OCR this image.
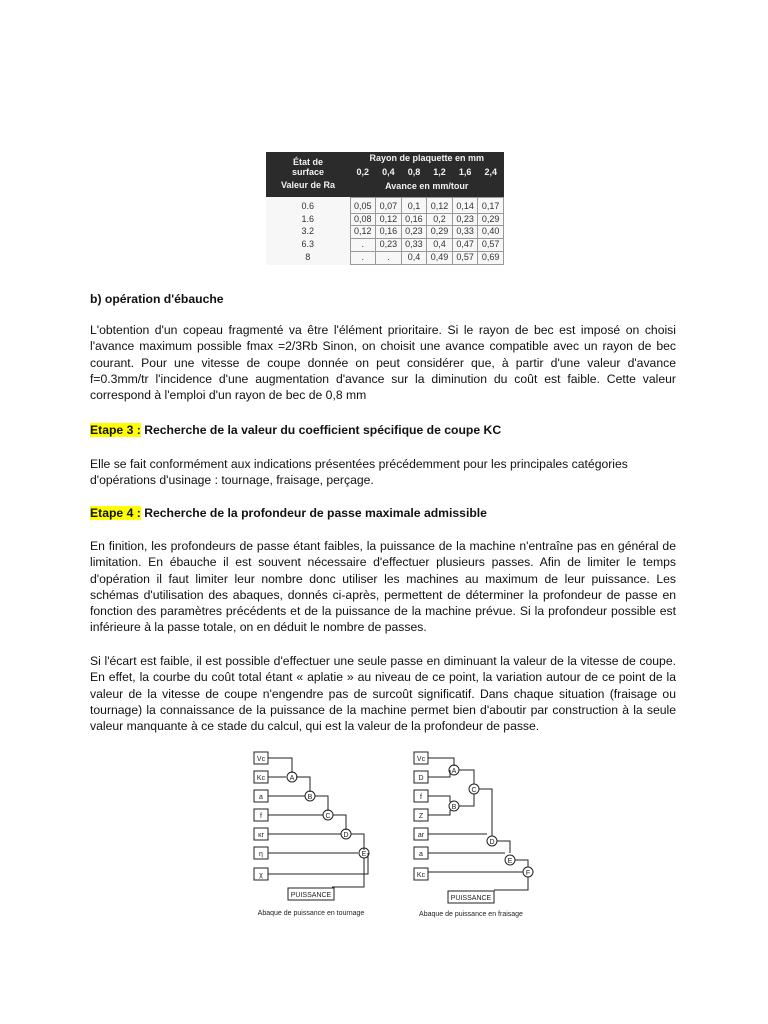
État de
surface
Valeur de Ra	Rayon de plaquette en mm					
	0,2	0,4	0,8	1,2	1,6	2,4
	Avance en mm/tour					
0.6	0,05	0,07	0,1	0,12	0,14	0,17
1.6	0,08	0,12	0,16	0,2	0,23	0,29
3.2	0,12	0,16	0,23	0,29	0,33	0,40
6.3	.	0,23	0,33	0,4	0,47	0,57
8	.	.	0,4	0,49	0,57	0,69
b) opération d'ébauche
L'obtention d'un copeau fragmenté va être l'élément prioritaire. Si le rayon de bec est imposé on choisi l'avance maximum possible fmax =2/3Rb Sinon, on choisit une avance compatible avec un rayon de bec courant. Pour une vitesse de coupe donnée on peut considérer que, à partir d'une valeur d'avance f=0.3mm/tr l'incidence d'une augmentation d'avance sur la diminution du coût est faible. Cette valeur correspond à l'emploi d'un rayon de bec de 0,8 mm
Etape 3 : Recherche de la valeur du coefficient spécifique de coupe KC
Elle se fait conformément aux indications présentées précédemment pour les principales catégories d'opérations d'usinage : tournage, fraisage, perçage.
Etape 4 : Recherche de la profondeur de passe maximale admissible
En finition, les profondeurs de passe étant faibles, la puissance de la machine n'entraîne pas en général de limitation. En ébauche il est souvent nécessaire d'effectuer plusieurs passes. Afin de limiter le temps d'opération il faut limiter leur nombre donc utiliser les machines au maximum de leur puissance. Les schémas d'utilisation des abaques, donnés ci-après, permettent de déterminer la profondeur de passe en fonction des paramètres précédents et de la puissance de la machine prévue. Si la profondeur possible est inférieure à la passe totale, on en déduit le nombre de passes.
Si l'écart est faible, il est possible d'effectuer une seule passe en diminuant la valeur de la vitesse de coupe. En effet, la courbe du coût total étant « aplatie » au niveau de ce point, la variation autour de ce point de la valeur de la vitesse de coupe n'engendre pas de surcoût significatif. Dans chaque situation (fraisage ou tournage) la connaissance de la puissance de la machine permet bien d'aboutir par construction à la seule valeur manquante à ce stade du calcul, qui est la valeur de la profondeur de passe.
Vc
Kc
a
f
κr
η
χ
A
B
C
D
E
PUISSANCE
Abaque de puissance en tournage
Vc
D
f
Z
ar
a
Kc
A
B
C
D
E
F
PUISSANCE
Abaque de puissance en fraisage
